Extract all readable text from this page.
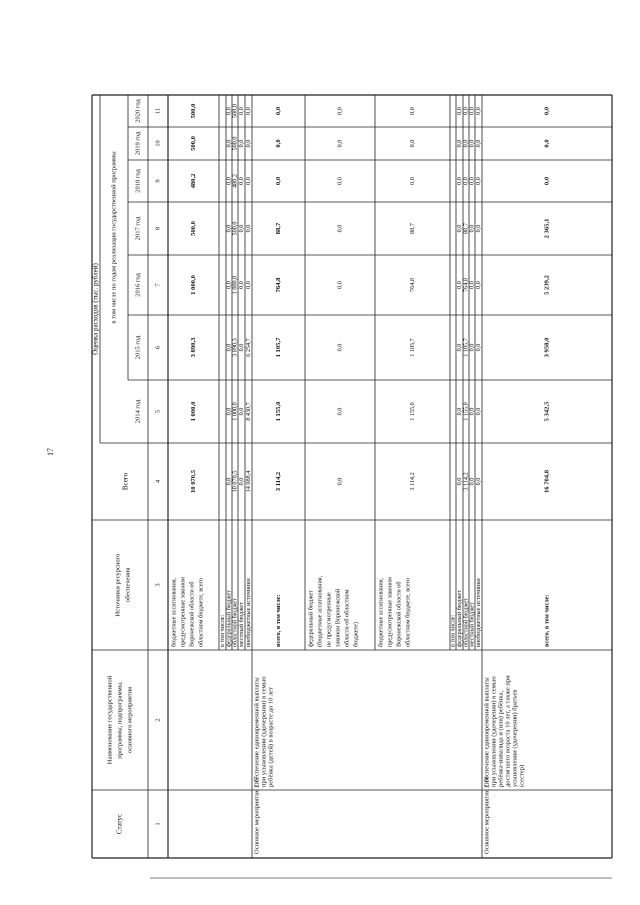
17
Статус
Наименование государственной программы, подпрограммы, основного мероприятия
Источники ресурсного обеспечения
Оценка расходов (тыс. рублей) в том числе по годам реализации государственной программы
Всего
2014 год
2015 год
2016 год
2017 год
2018 год
2019 год
2020 год
1
2
3
4
5
6
7
8
9
10
11
бюджетные ассигнования, предусмотренные законом Воронежской области об областном бюджете, всего
10 070,5
1 000,0
3 890,3
1 000,0
500,0
480,2
500,0
500,0
в том числе: федеральный бюджет
0,0
0,0
0,0
0,0
0,0
0,0
0,0
0,0
областной бюджет
10 070,5
1 000,0
3 890,3
1 000,0
500,0
480,2
500,0
500,0
местный бюджет
0,0
0,0
0,0
0,0
0,0
0,0
0,0
0,0
внебюджетные источники
14 088,4
8 430,7
6 254,7
0,0
0,0
0,0
0,0
0,0
Основное мероприятие 2.17
Обеспечение единовременной выплаты при усыновлении (удочерении) в семью ребёнка (детей) в возрасте до 10 лет
всего, в том числе:
3 114,2
1 155,0
1 105,7
764,8
88,7
0,0
0,0
0,0
федеральный бюджет (бюджетные ассигнования, не предусмотренные законом Воронежской области об областном бюджете)
0,0
0,0
0,0
0,0
0,0
0,0
0,0
0,0
бюджетные ассигнования, предусмотренные законом Воронежской области об областном бюджете, всего
3 114,2
1 155,0
1 105,7
764,8
88,7
0,0
0,0
0,0
в том числе: федеральный бюджет
0,0
0,0
0,0
0,0
0,0
0,0
0,0
0,0
областной бюджет
3 114,2
1 155,0
1 105,7
764,8
88,7
0,0
0,0
0,0
местный бюджет
0,0
0,0
0,0
0,0
0,0
0,0
0,0
0,0
внебюджетные источники
0,0
0,0
0,0
0,0
0,0
0,0
0,0
0,0
Основное мероприятие 2.18
Обеспечение единовременной выплаты при усыновлении (удочерении) в семью ребёнка-инвалида и (или) ребёнка, достигшего возраста 10 лет, а также при усыновлении (удочерении) братьев (сестер)
всего, в том числе:
16 704,8
5 342,5
3 958,0
5 239,2
2 365,1
0,0
0,0
0,0
